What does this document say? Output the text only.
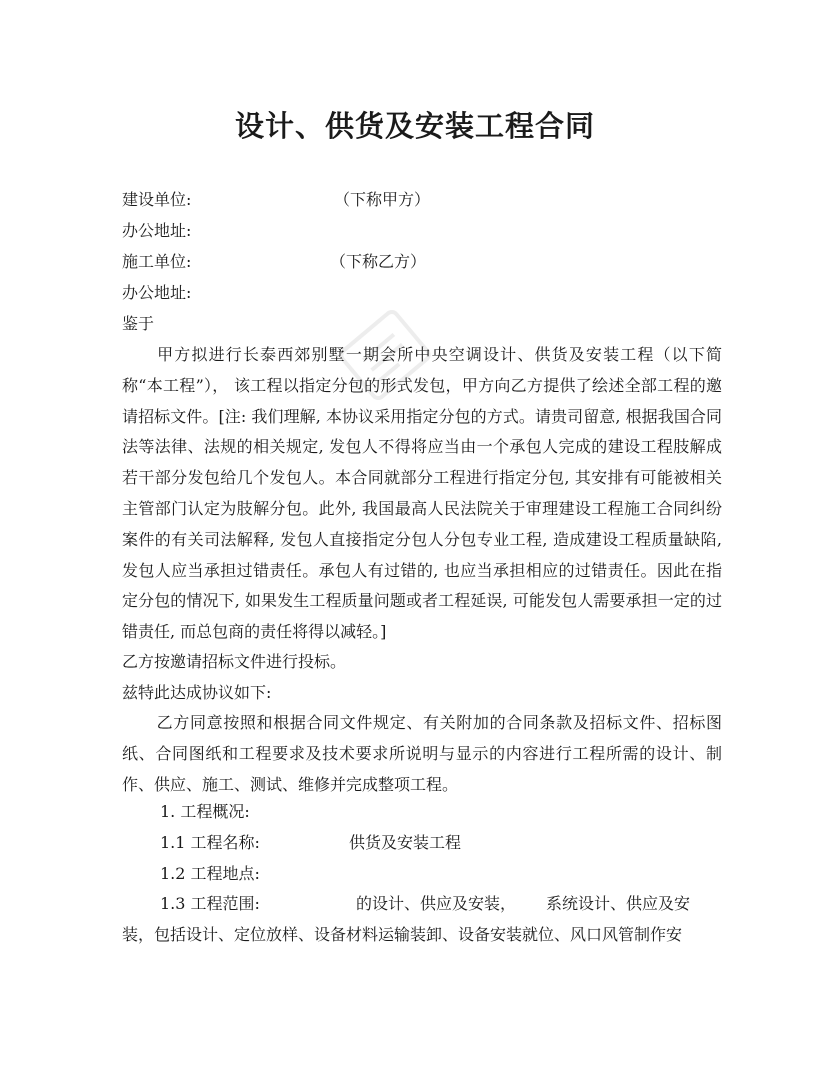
设计、供货及安装工程合同
建设单位:	（下称甲方）
办公地址:
施工单位:	（下称乙方）
办公地址:
鉴于
甲方拟进行长泰西郊别墅一期会所中央空调设计、供货及安装工程（以下简称“本工程”）， 该工程以指定分包的形式发包，甲方向乙方提供了绘述全部工程的邀请招标文件。[注: 我们理解, 本协议采用指定分包的方式。请贵司留意, 根据我国合同法等法律、法规的相关规定, 发包人不得将应当由一个承包人完成的建设工程肢解成若干部分发包给几个发包人。本合同就部分工程进行指定分包, 其安排有可能被相关主管部门认定为肢解分包。此外, 我国最高人民法院关于审理建设工程施工合同纠纷案件的有关司法解释, 发包人直接指定分包人分包专业工程, 造成建设工程质量缺陷, 发包人应当承担过错责任。承包人有过错的, 也应当承担相应的过错责任。因此在指定分包的情况下, 如果发生工程质量问题或者工程延误, 可能发包人需要承担一定的过错责任, 而总包商的责任将得以减轻。]
乙方按邀请招标文件进行投标。
兹特此达成协议如下:
乙方同意按照和根据合同文件规定、有关附加的合同条款及招标文件、招标图纸、合同图纸和工程要求及技术要求所说明与显示的内容进行工程所需的设计、制作、供应、施工、测试、维修并完成整项工程。
1. 工程概况:
1.1 工程名称:	供货及安装工程
1.2 工程地点:
1.3 工程范围:	的设计、供应及安装， 系统设计、供应及安
装，包括设计、定位放样、设备材料运输装卸、设备安装就位、风口风管制作安
